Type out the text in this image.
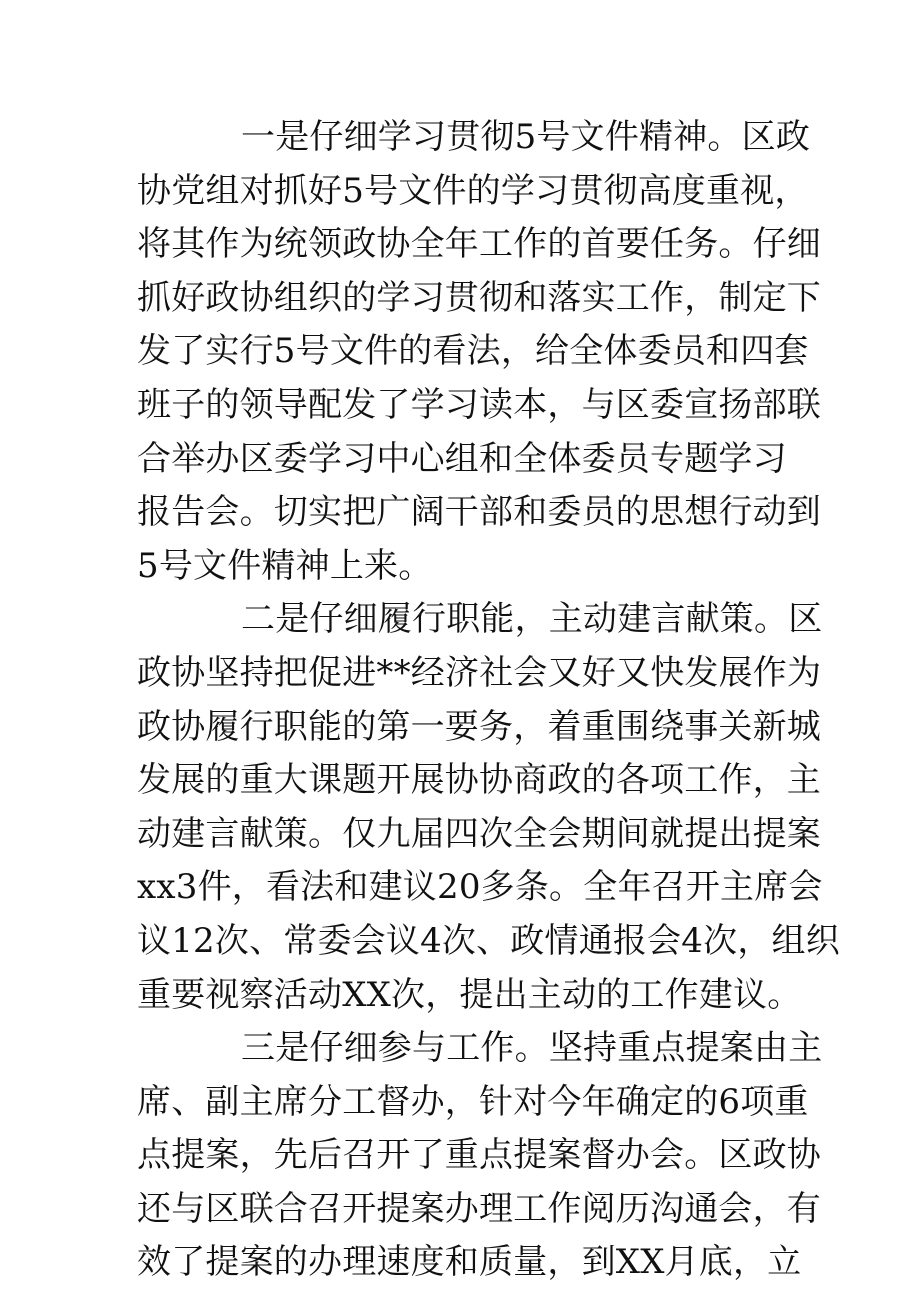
一是仔细学习贯彻5号文件精神。区政
协党组对抓好5号文件的学习贯彻高度重视，
将其作为统领政协全年工作的首要任务。仔细
抓好政协组织的学习贯彻和落实工作，制定下
发了实行5号文件的看法，给全体委员和四套
班子的领导配发了学习读本，与区委宣扬部联
合举办区委学习中心组和全体委员专题学习
报告会。切实把广阔干部和委员的思想行动到
5号文件精神上来。
二是仔细履行职能，主动建言献策。区
政协坚持把促进**经济社会又好又快发展作为
政协履行职能的第一要务，着重围绕事关新城
发展的重大课题开展协协商政的各项工作，主
动建言献策。仅九届四次全会期间就提出提案
xx3件，看法和建议20多条。全年召开主席会
议12次、常委会议4次、政情通报会4次，组织
重要视察活动XX次，提出主动的工作建议。
三是仔细参与工作。坚持重点提案由主
席、副主席分工督办，针对今年确定的6项重
点提案，先后召开了重点提案督办会。区政协
还与区联合召开提案办理工作阅历沟通会，有
效了提案的办理速度和质量，到XX月底，立
